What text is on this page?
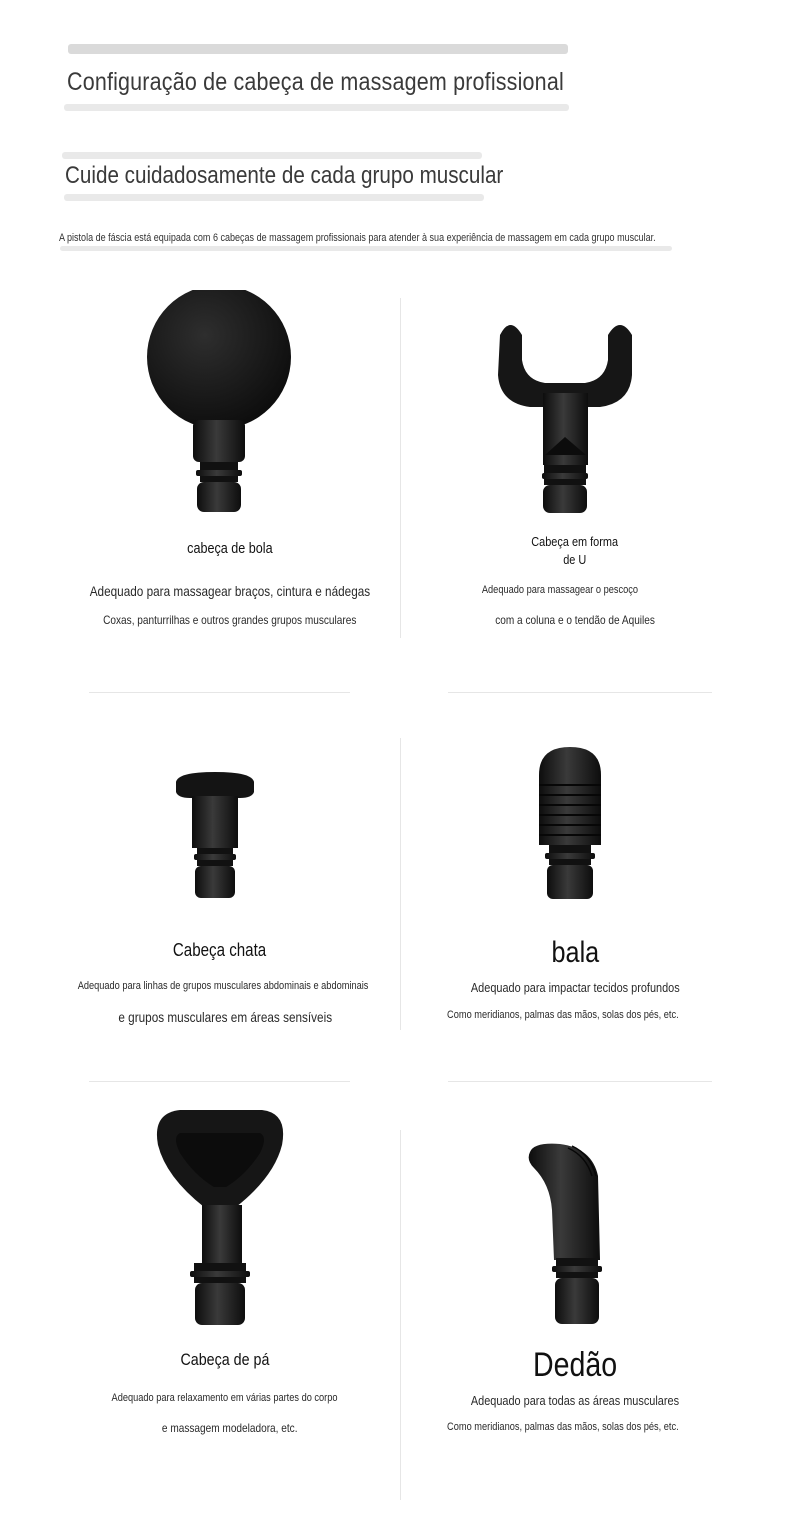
Configuração de cabeça de massagem profissional
Cuide cuidadosamente de cada grupo muscular
A pistola de fáscia está equipada com 6 cabeças de massagem profissionais para atender à sua experiência de massagem em cada grupo muscular.
cabeça de bola
Adequado para massagear braços, cintura e nádegas
Coxas, panturrilhas e outros grandes grupos musculares
Cabeça em forma
de U
Adequado para massagear o pescoço
com a coluna e o tendão de Aquiles
Cabeça chata
Adequado para linhas de grupos musculares abdominais e abdominais
e grupos musculares em áreas sensíveis
bala
Adequado para impactar tecidos profundos
Como meridianos, palmas das mãos, solas dos pés, etc.
Cabeça de pá
Adequado para relaxamento em várias partes do corpo
e massagem modeladora, etc.
Dedão
Adequado para todas as áreas musculares
Como meridianos, palmas das mãos, solas dos pés, etc.
